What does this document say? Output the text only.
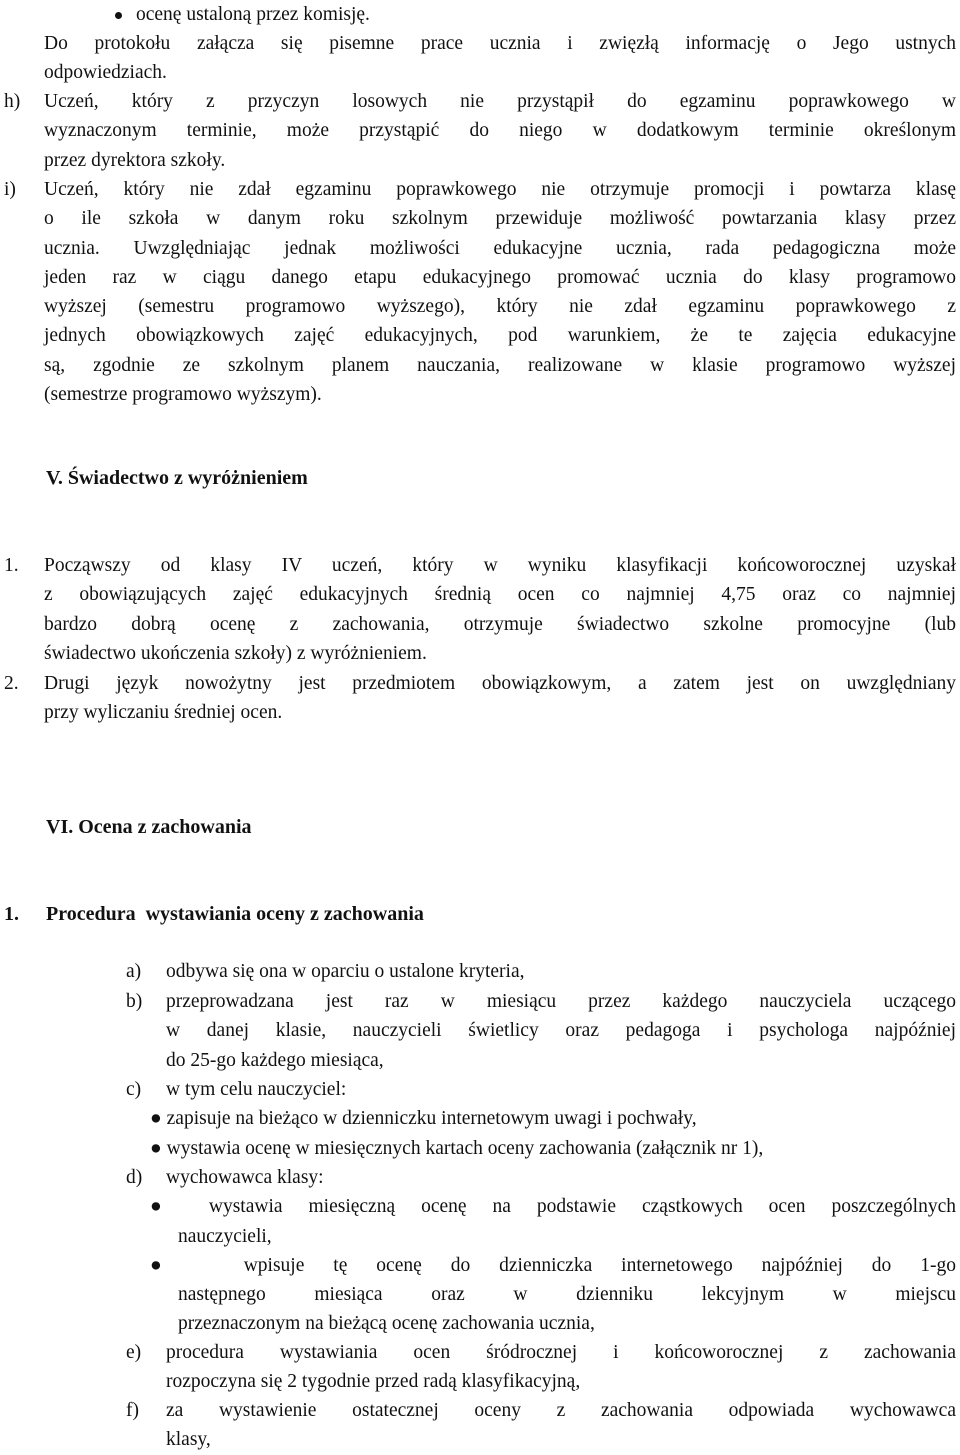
ocenę ustaloną przez komisję.
Do protokołu załącza się pisemne prace ucznia i zwięzłą informację o Jego ustnych
odpowiedziach.
h) Uczeń, który z przyczyn losowych nie przystąpił do egzaminu poprawkowego w
wyznaczonym terminie, może przystąpić do niego w dodatkowym terminie określonym
przez dyrektora szkoły.
i) Uczeń, który nie zdał egzaminu poprawkowego nie otrzymuje promocji i powtarza klasę
o ile szkoła w danym roku szkolnym przewiduje możliwość powtarzania klasy przez
ucznia. Uwzględniając jednak możliwości edukacyjne ucznia, rada pedagogiczna może
jeden raz w ciągu danego etapu edukacyjnego promować ucznia do klasy programowo
wyższej (semestru programowo wyższego), który nie zdał egzaminu poprawkowego z
jednych obowiązkowych zajęć edukacyjnych, pod warunkiem, że te zajęcia edukacyjne
są, zgodnie ze szkolnym planem nauczania, realizowane w klasie programowo wyższej
(semestrze programowo wyższym).
V. Świadectwo z wyróżnieniem
1. Począwszy od klasy IV uczeń, który w wyniku klasyfikacji końcoworocznej uzyskał
z obowiązujących zajęć edukacyjnych średnią ocen co najmniej 4,75 oraz co najmniej
bardzo dobrą ocenę z zachowania, otrzymuje świadectwo szkolne promocyjne (lub
świadectwo ukończenia szkoły) z wyróżnieniem.
2. Drugi język nowożytny jest przedmiotem obowiązkowym, a zatem jest on uwzględniany
przy wyliczaniu średniej ocen.
VI. Ocena z zachowania
1. Procedura  wystawiania oceny z zachowania
a) odbywa się ona w oparciu o ustalone kryteria,
b) przeprowadzana jest raz w miesiącu przez każdego nauczyciela uczącego
w danej klasie, nauczycieli świetlicy oraz pedagoga i psychologa najpóźniej
do 25-go każdego miesiąca,
c) w tym celu nauczyciel:
● zapisuje na bieżąco w dzienniczku internetowym uwagi i pochwały,
● wystawia ocenę w miesięcznych kartach oceny zachowania (załącznik nr 1),
d) wychowawca klasy:
● wystawia miesięczną ocenę na podstawie cząstkowych ocen poszczególnych
nauczycieli,
●  wpisuje tę ocenę do dzienniczka internetowego najpóźniej do 1-go
następnego miesiąca oraz w dzienniku lekcyjnym w miejscu
przeznaczonym na bieżącą ocenę zachowania ucznia,
e) procedura wystawiania ocen śródrocznej i końcoworocznej z zachowania
rozpoczyna się 2 tygodnie przed radą klasyfikacyjną,
f) za wystawienie ostatecznej oceny z zachowania odpowiada wychowawca
klasy,
